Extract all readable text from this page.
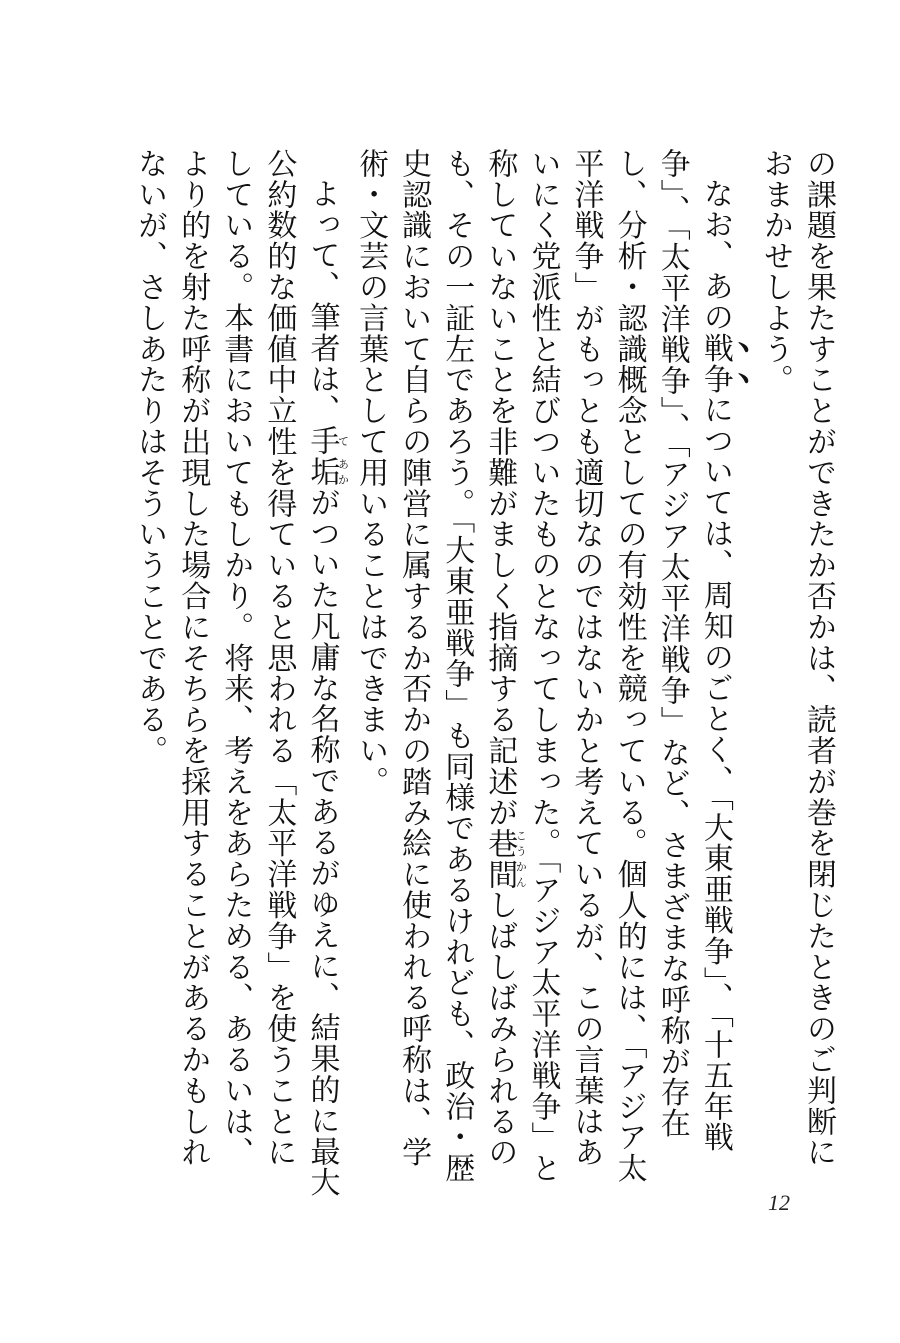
の課題を果たすことができたか否かは、読者が巻を閉じたときのご判断におまかせしよう。

なお、あの戦争については、周知のごとく、「大東亜戦争」、「十五年戦争」、「太平洋戦争」、「アジア太平洋戦争」など、さまざまな呼称が存在し、分析・認識概念としての有効性を競っている。個人的には、「アジア太平洋戦争」がもっとも適切なのではないかと考えているが、この言葉はあいにく党派性と結びついたものとなってしまった。「アジア太平洋戦争」と称していないことを非難がましく指摘する記述が巷間こうかんしばしばみられるのも、その一証左であろう。「大東亜戦争」も同様であるけれども、政治・歴史認識において自らの陣営に属するか否かの踏み絵に使われる呼称は、学術・文芸の言葉として用いることはできまい。

よって、筆者は、手て垢あかがついた凡庸な名称であるがゆえに、結果的に最大公約数的な価値中立性を得ていると思われる「太平洋戦争」を使うことにしている。本書においてもしかり。将来、考えをあらためる、あるいは、より的を射た呼称が出現した場合にそちらを採用することがあるかもしれないが、さしあたりはそういうことである。

12
